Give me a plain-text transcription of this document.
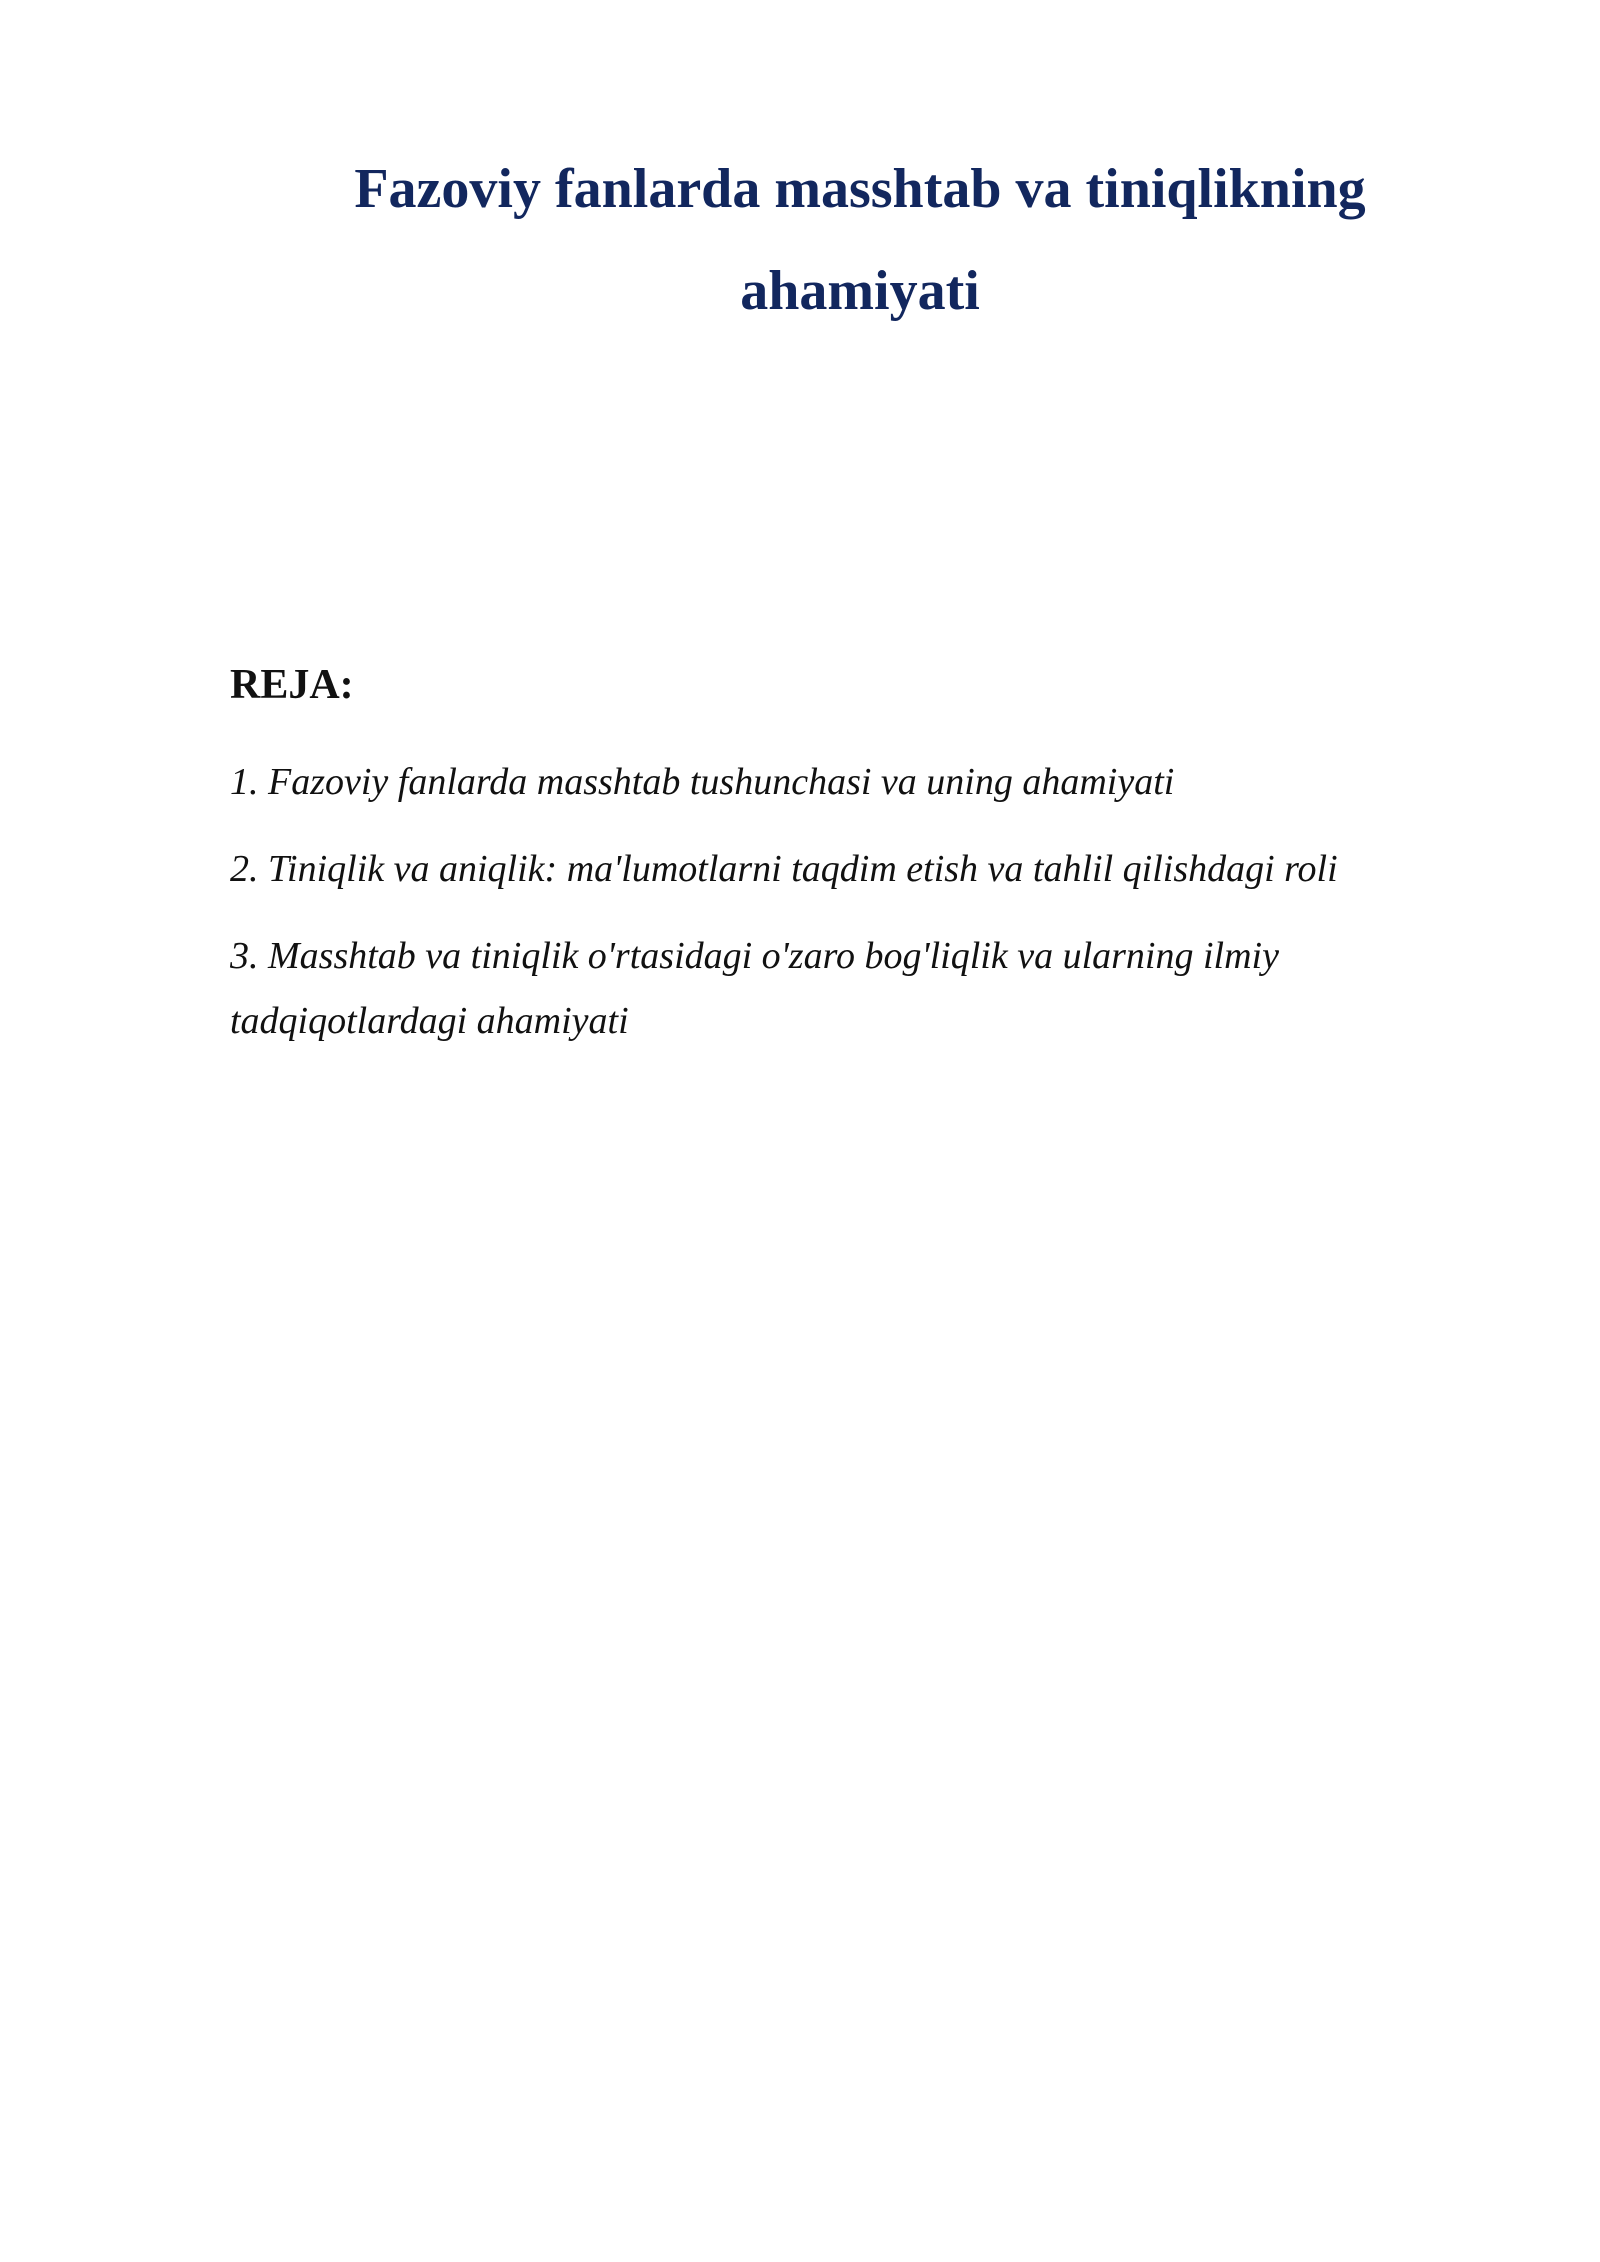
Fazoviy fanlarda masshtab va tiniqlikning
ahamiyati
REJA:
1. Fazoviy fanlarda masshtab tushunchasi va uning ahamiyati
2. Tiniqlik va aniqlik: ma'lumotlarni taqdim etish va tahlil qilishdagi roli
3. Masshtab va tiniqlik o'rtasidagi o'zaro bog'liqlik va ularning ilmiy tadqiqotlardagi ahamiyati
